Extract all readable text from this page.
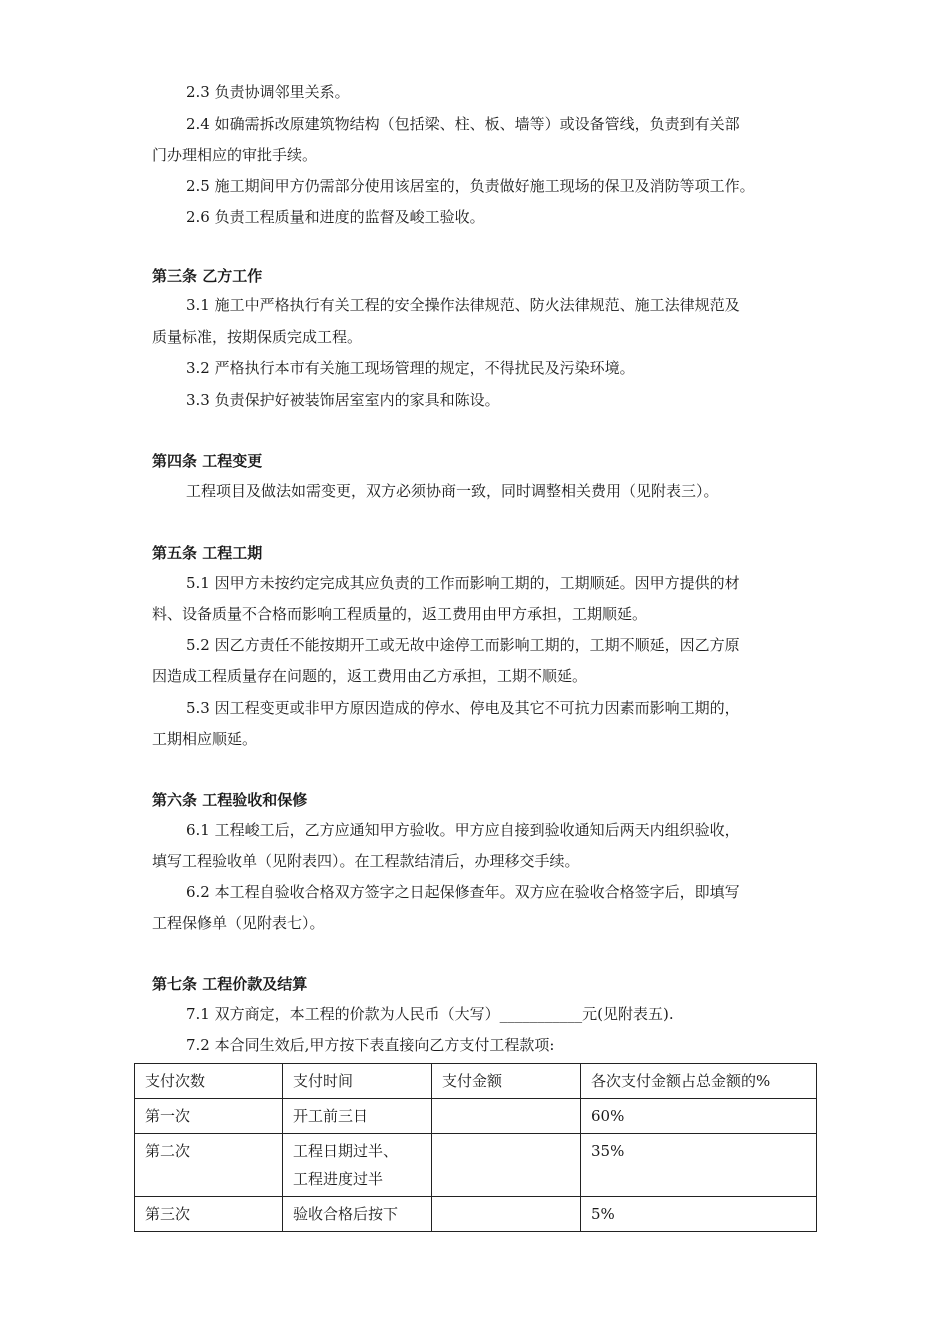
2.3 负责协调邻里关系。
2.4 如确需拆改原建筑物结构（包括梁、柱、板、墙等）或设备管线，负责到有关部
门办理相应的审批手续。
2.5 施工期间甲方仍需部分使用该居室的，负责做好施工现场的保卫及消防等项工作。
2.6 负责工程质量和进度的监督及峻工验收。
第三条 乙方工作
3.1 施工中严格执行有关工程的安全操作法律规范、防火法律规范、施工法律规范及
质量标准，按期保质完成工程。
3.2 严格执行本市有关施工现场管理的规定，不得扰民及污染环境。
3.3 负责保护好被装饰居室室内的家具和陈设。
第四条 工程变更
工程项目及做法如需变更，双方必须协商一致，同时调整相关费用（见附表三）。
第五条 工程工期
5.1 因甲方未按约定完成其应负责的工作而影响工期的，工期顺延。因甲方提供的材
料、设备质量不合格而影响工程质量的，返工费用由甲方承担，工期顺延。
5.2 因乙方责任不能按期开工或无故中途停工而影响工期的，工期不顺延，因乙方原
因造成工程质量存在问题的，返工费用由乙方承担，工期不顺延。
5.3 因工程变更或非甲方原因造成的停水、停电及其它不可抗力因素而影响工期的，
工期相应顺延。
第六条 工程验收和保修
6.1 工程峻工后，乙方应通知甲方验收。甲方应自接到验收通知后两天内组织验收，
填写工程验收单（见附表四）。在工程款结清后，办理移交手续。
6.2 本工程自验收合格双方签字之日起保修查年。双方应在验收合格签字后，即填写
工程保修单（见附表七）。
第七条 工程价款及结算
7.1 双方商定，本工程的价款为人民币（大写）___________元(见附表五).
7.2 本合同生效后,甲方按下表直接向乙方支付工程款项:
支付次数	支付时间	支付金额	各次支付金额占总金额的%
第一次	开工前三日		60%
第二次	工程日期过半、
工程进度过半		35%
第三次	验收合格后按下		5%
